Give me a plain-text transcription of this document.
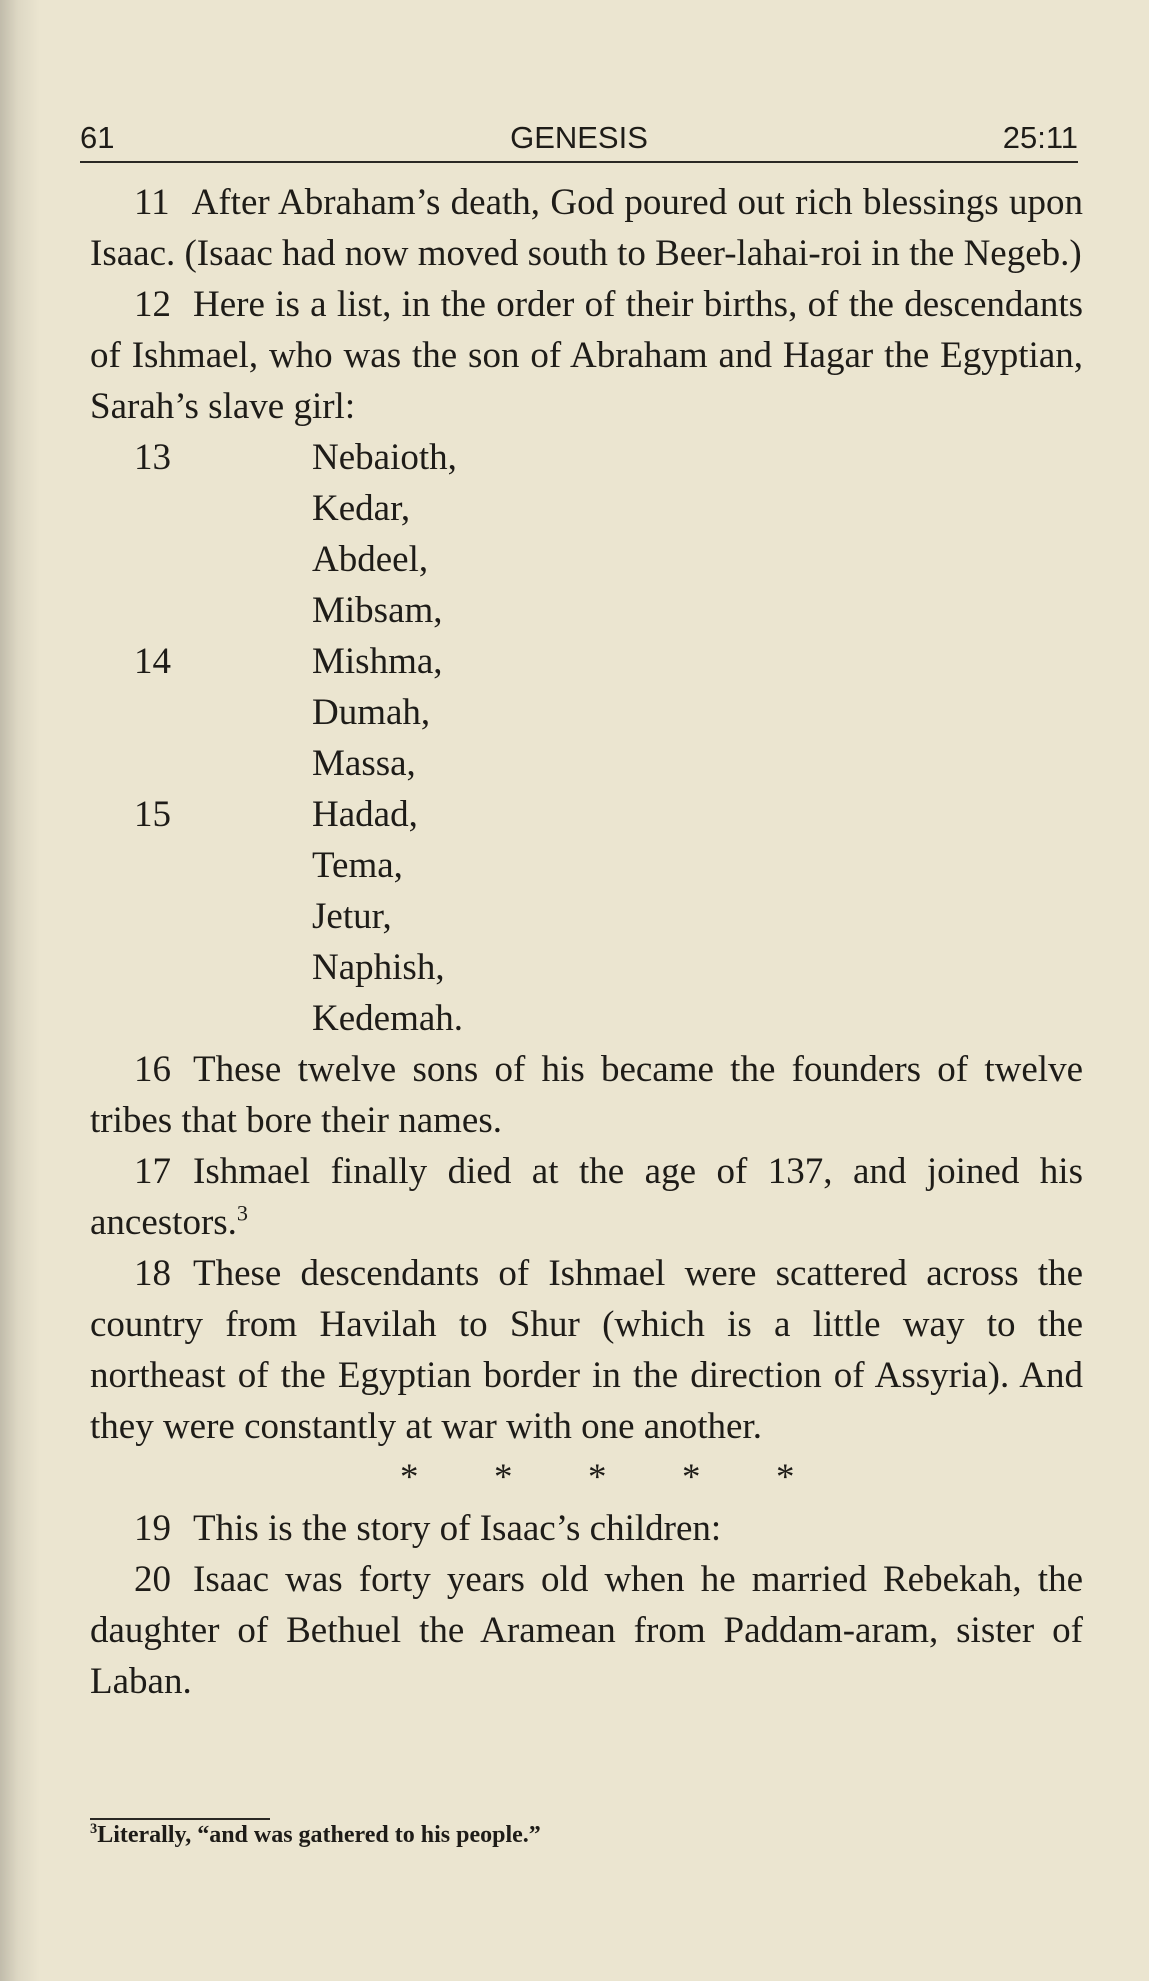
GENESIS
61	25:11

11 After Abraham’s death, God poured out rich blessings upon Isaac. (Isaac had now moved south to Beer-lahai-roi in the Negeb.)

12 Here is a list, in the order of their births, of the descendants of Ishmael, who was the son of Abraham and Hagar the Egyptian, Sarah’s slave girl:

13	Nebaioth,
Kedar,
Abdeel,
Mibsam,
14	Mishma,
Dumah,
Massa,
15	Hadad,
Tema,
Jetur,
Naphish,
Kedemah.

16 These twelve sons of his became the founders of twelve tribes that bore their names.

17 Ishmael finally died at the age of 137, and joined his ancestors.$^3$

18 These descendants of Ishmael were scattered across the country from Havilah to Shur (which is a little way to the northeast of the Egyptian border in the direction of Assyria). And they were constantly at war with one another.

* * * * *

19 This is the story of Isaac’s children:

20 Isaac was forty years old when he married Rebekah, the daughter of Bethuel the Aramean from Paddam-aram, sister of Laban.

$^3$Literally, “and was gathered to his people.”
